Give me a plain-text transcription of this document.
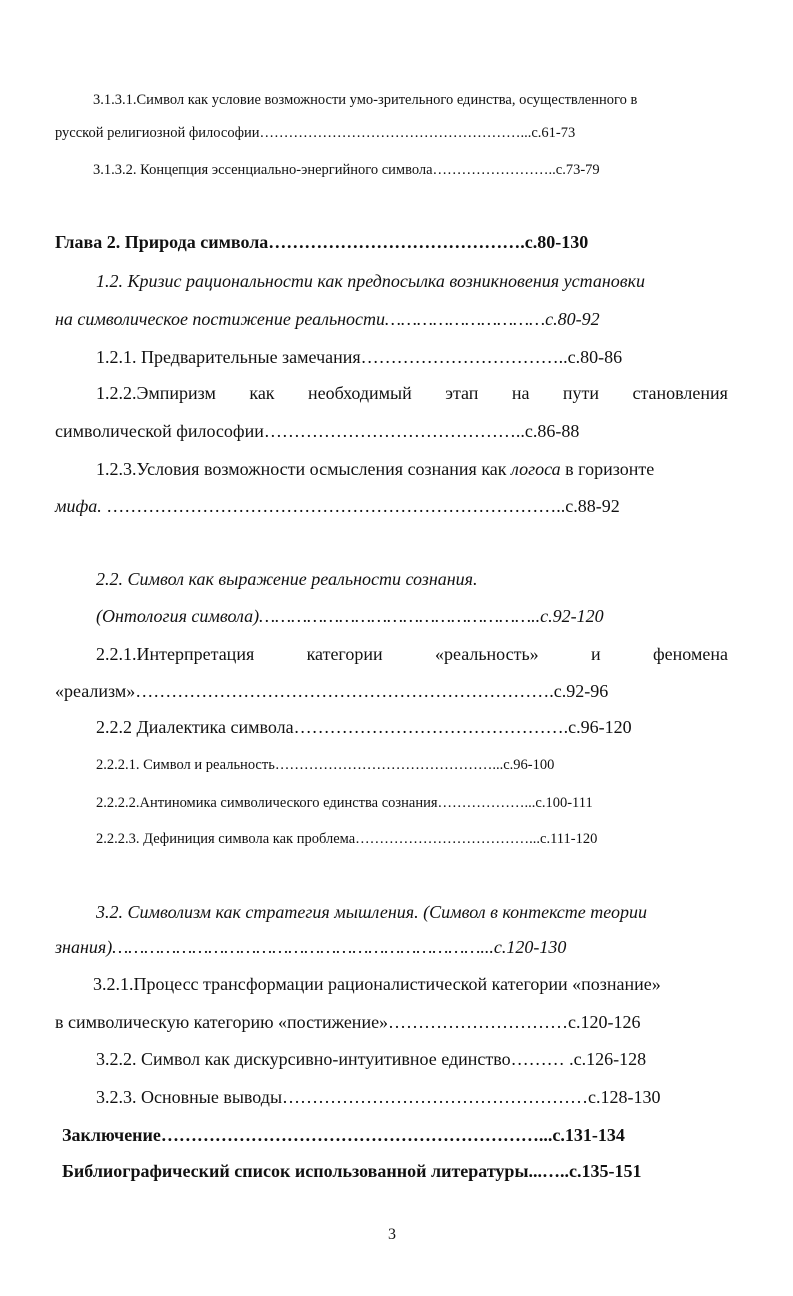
3.1.3.1.Символ как условие возможности умо-зрительного единства, осуществленного в
русской религиозной философии………………………………………………...с.61-73
3.1.3.2. Концепция эссенциально-энергийного символа……………………..с.73-79
Глава 2. Природа символа…………………………………….с.80-130
1.2. Кризис рациональности как предпосылка возникновения установки
на символическое постижение реальности…………………………с.80-92
1.2.1. Предварительные замечания……………………………..с.80-86
1.2.2.Эмпиризм как необходимый этап на пути становления
символической философии……………………………………..с.86-88
1.2.3.Условия возможности осмысления сознания как логоса в горизонте
мифа. …………………………………………………………………..с.88-92
2.2. Символ как выражение реальности сознания.
(Онтология символа)……………………………………………..с.92-120
2.2.1.Интерпретация	категории	«реальность»	и	феномена
«реализм»…………………………………………………………….с.92-96
2.2.2 Диалектика символа……………………………………….с.96-120
2.2.2.1. Символ и реальность………………………………………...с.96-100
2.2.2.2.Антиномика символического единства сознания………………...с.100-111
2.2.2.3. Дефиниция символа как проблема………………………………...с.111-120
3.2. Символизм как стратегия мышления. (Символ в контексте теории
знания)……………………………………………………………...с.120-130
3.2.1.Процесс трансформации рационалистической категории «познание»
в символическую категорию «постижение»…………………………с.120-126
3.2.2. Символ как дискурсивно-интуитивное единство……… .с.126-128
3.2.3. Основные выводы……………………………………………с.128-130
Заключение………………………………………………………...с.131-134
Библиографический список использованной литературы...…..с.135-151
3
